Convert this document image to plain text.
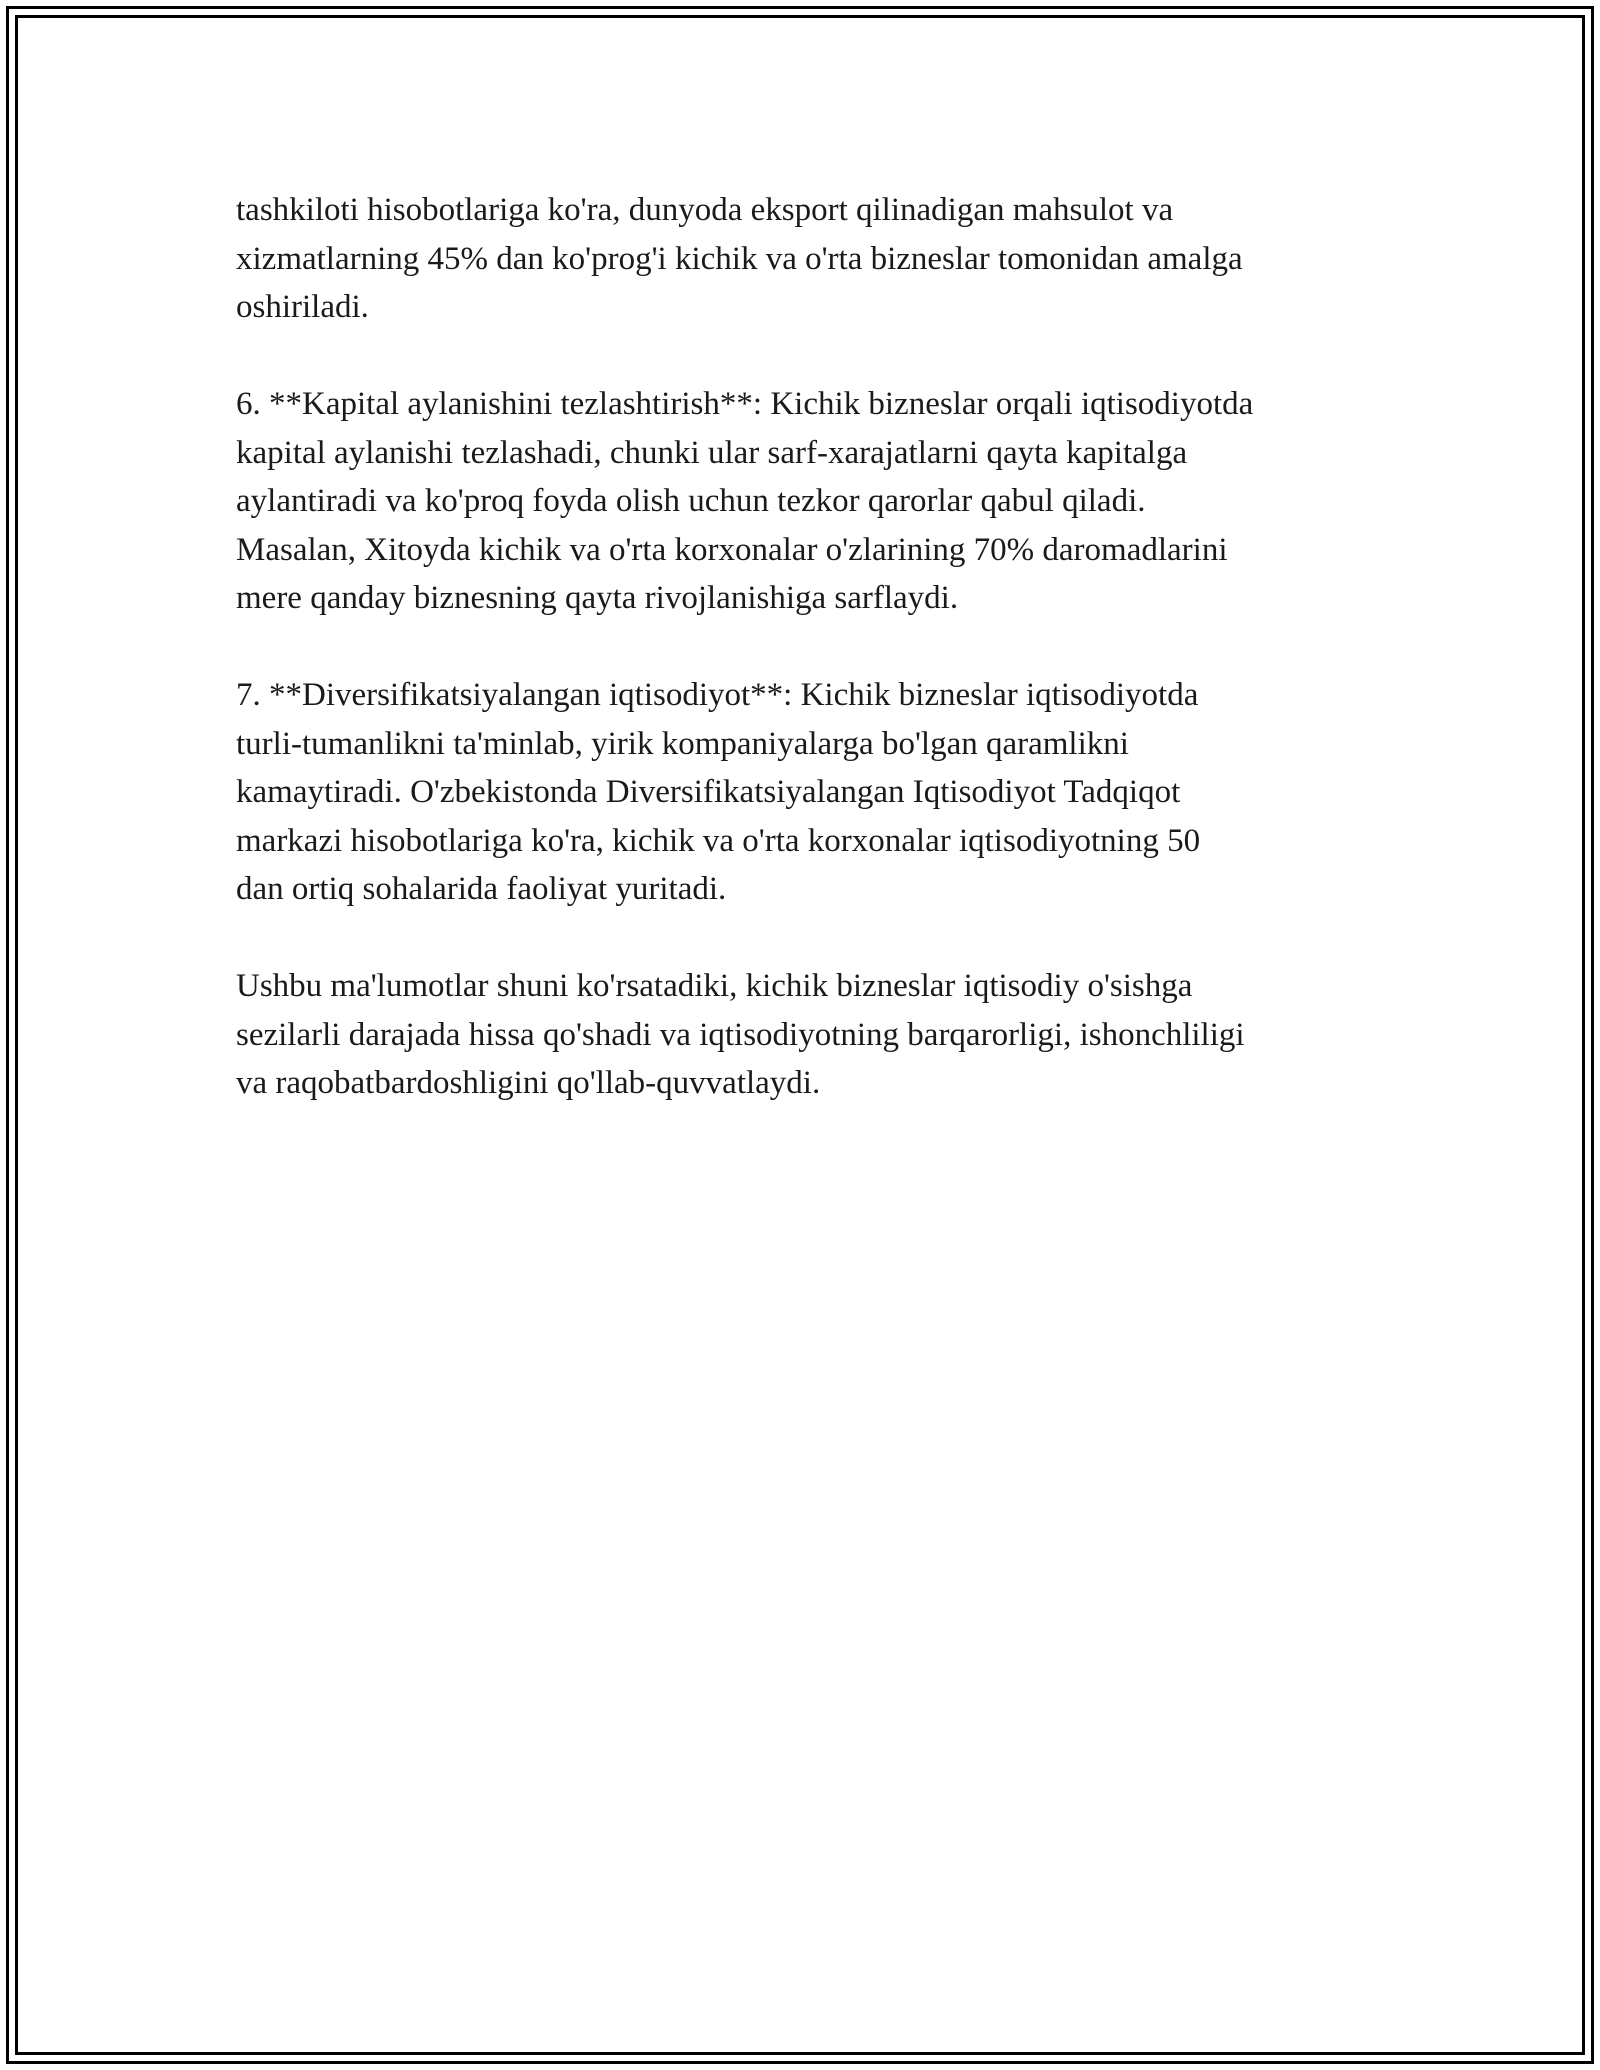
tashkiloti hisobotlariga ko'ra, dunyoda eksport qilinadigan mahsulot va
xizmatlarning 45% dan ko'prog'i kichik va o'rta bizneslar tomonidan amalga
oshiriladi.

6. **Kapital aylanishini tezlashtirish**: Kichik bizneslar orqali iqtisodiyotda
kapital aylanishi tezlashadi, chunki ular sarf-xarajatlarni qayta kapitalga
aylantiradi va ko'proq foyda olish uchun tezkor qarorlar qabul qiladi.
Masalan, Xitoyda kichik va o'rta korxonalar o'zlarining 70% daromadlarini
mere qanday biznesning qayta rivojlanishiga sarflaydi.

7. **Diversifikatsiyalangan iqtisodiyot**: Kichik bizneslar iqtisodiyotda
turli-tumanlikni ta'minlab, yirik kompaniyalarga bo'lgan qaramlikni
kamaytiradi. O'zbekistonda Diversifikatsiyalangan Iqtisodiyot Tadqiqot
markazi hisobotlariga ko'ra, kichik va o'rta korxonalar iqtisodiyotning 50
dan ortiq sohalarida faoliyat yuritadi.

Ushbu ma'lumotlar shuni ko'rsatadiki, kichik bizneslar iqtisodiy o'sishga
sezilarli darajada hissa qo'shadi va iqtisodiyotning barqarorligi, ishonchliligi
va raqobatbardoshligini qo'llab-quvvatlaydi.
